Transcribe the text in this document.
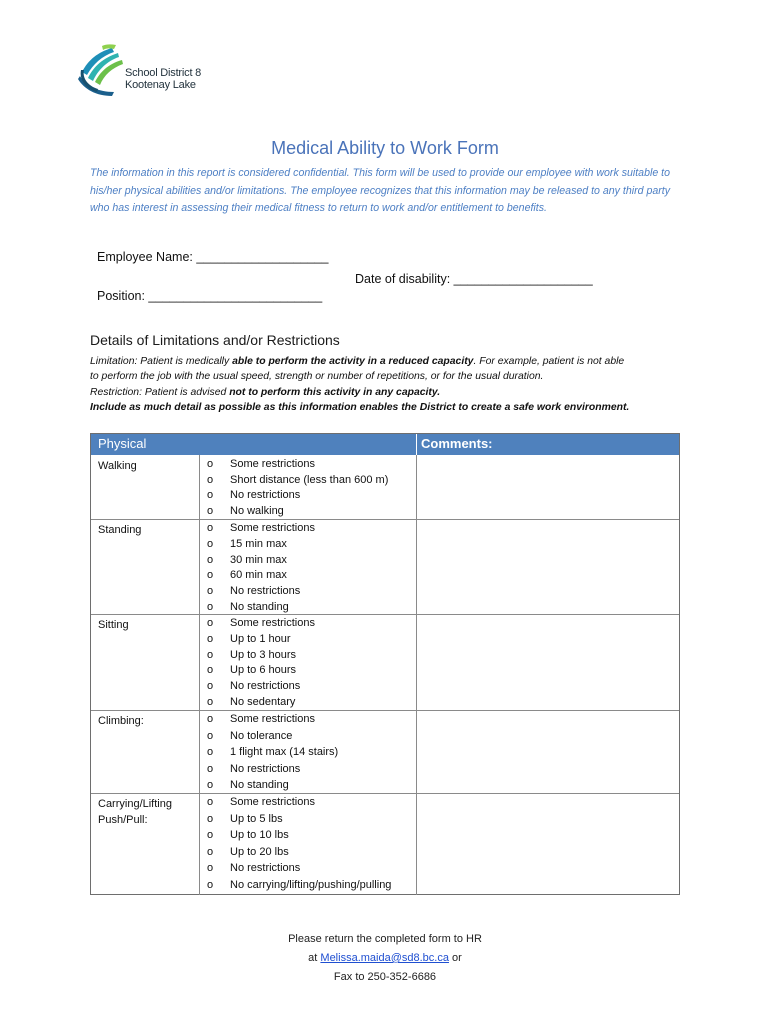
School District 8
Kootenay Lake
Medical Ability to Work Form
The information in this report is considered confidential. This form will be used to provide our employee with work suitable to his/her physical abilities and/or limitations. The employee recognizes that this information may be released to any third party who has interest in assessing their medical fitness to return to work and/or entitlement to benefits.
Employee Name: ___________________
Date of disability: ____________________
Position: _________________________
Details of Limitations and/or Restrictions
Limitation: Patient is medically able to perform the activity in a reduced capacity. For example, patient is not able
to perform the job with the usual speed, strength or number of repetitions, or for the usual duration.
Restriction: Patient is advised not to perform this activity in any capacity.
Include as much detail as possible as this information enables the District to create a safe work environment.
Physical	Comments:
Walking	o Some restrictions
o Short distance (less than 600 m)
o No restrictions
o No walking
Standing	o Some restrictions
o 15 min max
o 30 min max
o 60 min max
o No restrictions
o No standing
Sitting	o Some restrictions
o Up to 1 hour
o Up to 3 hours
o Up to 6 hours
o No restrictions
o No sedentary
Climbing:	o Some restrictions
o No tolerance
o 1 flight max (14 stairs)
o No restrictions
o No standing
Carrying/Lifting Push/Pull:
o Some restrictions
o Up to 5 lbs
o Up to 10 lbs
o Up to 20 lbs
o No restrictions
o No carrying/lifting/pushing/pulling
Please return the completed form to HR
at Melissa.maida@sd8.bc.ca or
Fax to 250-352-6686
